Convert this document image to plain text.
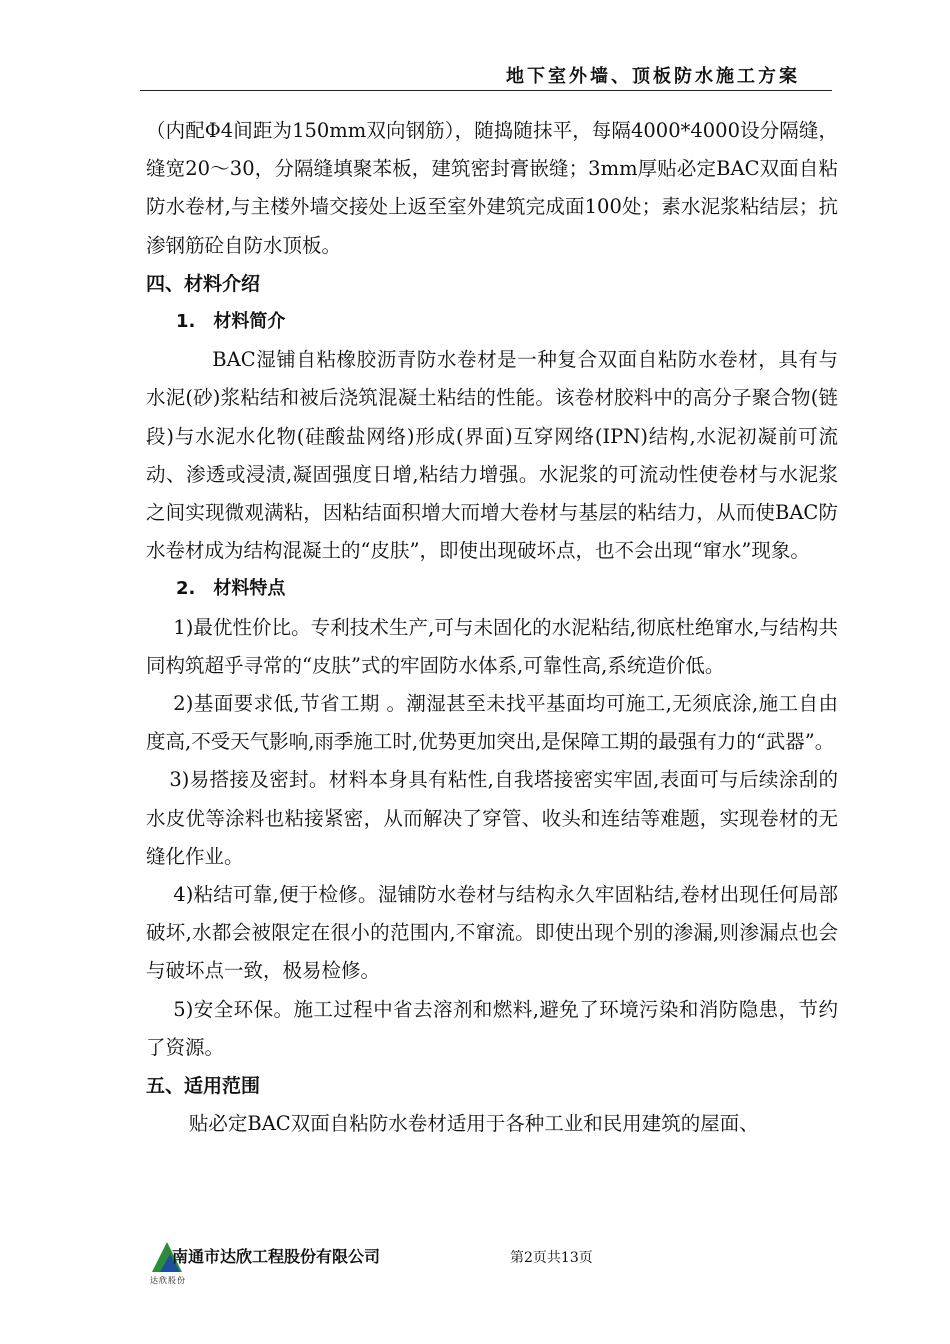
地下室外墙、顶板防水施工方案

（内配Φ4间距为150mm双向钢筋），随捣随抹平，每隔4000*4000设分隔缝，缝宽20～30，分隔缝填聚苯板，建筑密封膏嵌缝；3mm厚贴必定BAC双面自粘防水卷材,与主楼外墙交接处上返至室外建筑完成面100处；素水泥浆粘结层；抗渗钢筋砼自防水顶板。

四、材料介绍

1.　材料简介

BAC湿铺自粘橡胶沥青防水卷材是一种复合双面自粘防水卷材，具有与水泥(砂)浆粘结和被后浇筑混凝土粘结的性能。该卷材胶料中的高分子聚合物(链段)与水泥水化物(硅酸盐网络)形成(界面)互穿网络(IPN)结构,水泥初凝前可流动、渗透或浸渍,凝固强度日增,粘结力增强。水泥浆的可流动性使卷材与水泥浆之间实现微观满粘，因粘结面积增大而增大卷材与基层的粘结力，从而使BAC防水卷材成为结构混凝土的“皮肤”，即使出现破坏点，也不会出现“窜水”现象。

2.　材料特点

1)最优性价比。专利技术生产,可与未固化的水泥粘结,彻底杜绝窜水,与结构共同构筑超乎寻常的“皮肤”式的牢固防水体系,可靠性高,系统造价低。

2)基面要求低,节省工期 。潮湿甚至未找平基面均可施工,无须底涂,施工自由度高,不受天气影响,雨季施工时,优势更加突出,是保障工期的最强有力的“武器”。

3)易搭接及密封。材料本身具有粘性,自我塔接密实牢固,表面可与后续涂刮的水皮优等涂料也粘接紧密，从而解决了穿管、收头和连结等难题，实现卷材的无缝化作业。

4)粘结可靠,便于检修。湿铺防水卷材与结构永久牢固粘结,卷材出现任何局部破坏,水都会被限定在很小的范围内,不窜流。即使出现个别的渗漏,则渗漏点也会与破坏点一致，极易检修。

5)安全环保。施工过程中省去溶剂和燃料,避免了环境污染和消防隐患，节约了资源。

五、适用范围

贴必定BAC双面自粘防水卷材适用于各种工业和民用建筑的屋面、

达欣股份
南通市达欣工程股份有限公司	第2页共13页
